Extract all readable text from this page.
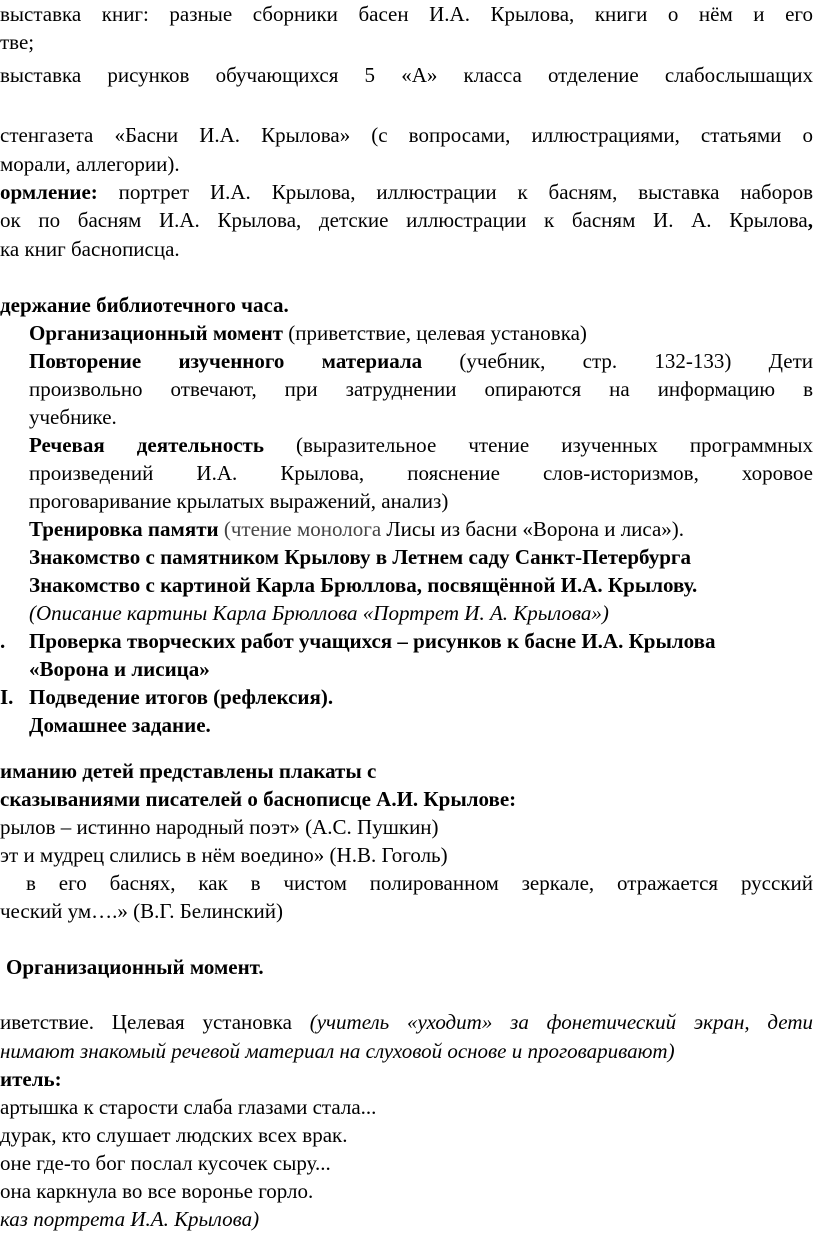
выставка книг: разные сборники басен И.А. Крылова, книги о нём и его
тве;
выставка рисунков обучающихся 5 «А» класса отделение слабослышащих
стенгазета «Басни И.А. Крылова» (с вопросами, иллюстрациями, статьями о
морали, аллегории).
ормление: портрет И.А. Крылова, иллюстрации к басням, выставка наборов
ок по басням И.А. Крылова, детские иллюстрации к басням И. А. Крылова,
ка книг баснописца.
держание библиотечного часа.
Организационный момент (приветствие, целевая установка)
Повторение изученного материала (учебник, стр. 132-133) Дети
произвольно отвечают, при затруднении опираются на информацию в
учебнике.
Речевая деятельность (выразительное чтение изученных программных
произведений И.А. Крылова, пояснение слов-историзмов, хоровое
проговаривание крылатых выражений, анализ)
Тренировка памяти (чтение монолога Лисы из басни «Ворона и лиса»).
Знакомство с памятником Крылову в Летнем саду Санкт-Петербурга
Знакомство с картиной Карла Брюллова, посвящённой И.А. Крылову.
(Описание картины Карла Брюллова «Портрет И. А. Крылова»)
.	Проверка творческих работ учащихся – рисунков к басне И.А. Крылова
«Ворона и лисица»
I. Подведение итогов (рефлексия).
Домашнее задание.
иманию детей представлены плакаты с
сказываниями писателей о баснописце А.И. Крылове:
рылов – истинно народный поэт» (А.С. Пушкин)
эт и мудрец слились в нём воедино» (Н.В. Гоголь)
в его баснях, как в чистом полированном зеркале, отражается русский
ческий ум….» (В.Г. Белинский)
Организационный момент.
иветствие. Целевая установка (учитель «уходит» за фонетический экран, дети
нимают знакомый речевой материал на слуховой основе и проговаривают)
итель:
артышка к старости слаба глазами стала...
дурак, кто слушает людских всех врак.
оне где-то бог послал кусочек сыру...
она каркнула во все воронье горло.
каз портрета И.А. Крылова)
